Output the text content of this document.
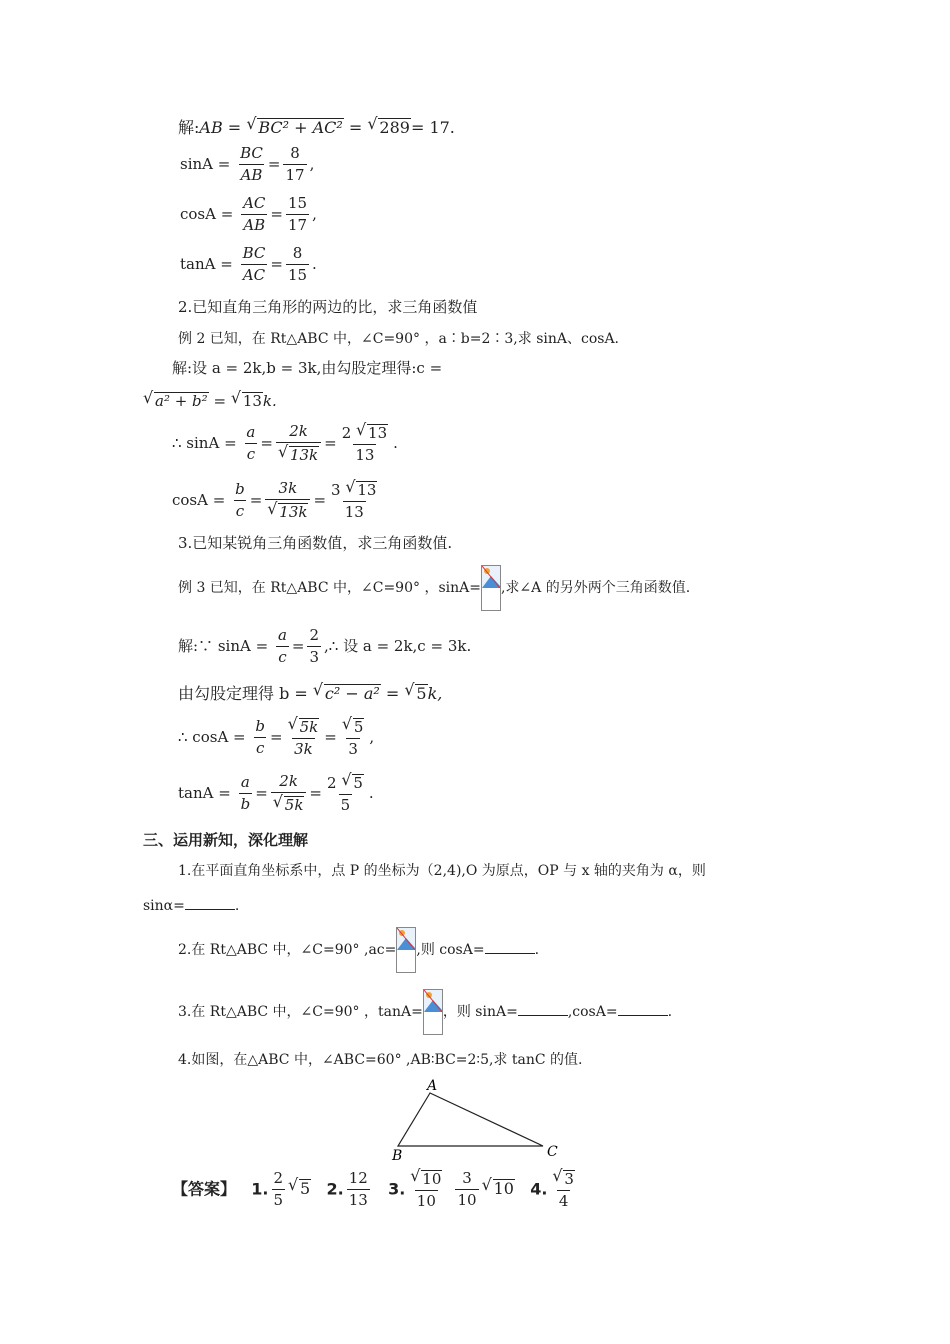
解:AB = √ BC² + AC² = √ 289= 17.
$\sin A = \frac{BC}{AB} = \frac{8}{17}$ ,
$\cos A = \frac{AC}{AB} = \frac{15}{17}$ ,
$\tan A = \frac{BC}{AC} = \frac{8}{15}$ .
2.已知直角三角形的两边的比，求三角函数值
例 2 已知，在 Rt△ABC 中，∠C=90° ，a∶b=2∶3,求 sinA、cosA.
解:设 a = 2k,b = 3k,由勾股定理得:c =
√ a² + b² = √ 13k.
∴ $\sin A = \frac{a}{c} = 2k$
√ $13k = \frac{2 √ 13}{13}$ .
$\cos A = \frac{b}{c} = 3k$
√ $13k = \frac{3 √ 13}{13}$
3.已知某锐角三角函数值，求三角函数值.
例 3 已知，在 Rt△ABC 中，∠C=90° ，sinA= ,求∠A 的另外两个三角函数值.
解:∵ $\sin A = \frac{a}{c} = \frac{2}{3}$ ,∴ 设 a = 2k,c = 3k.
由勾股定理得 b = √ c² − a² = √ 5k,
∴ $\cos A = \frac{b}{c}$ = √ $\frac{5k}{3k}$ = √ $\frac{5}{3}$ ,
$\tan A = \frac{a}{b} = 2k$
√ $5k = \frac{2 √ 5}{5}$ .
三、运用新知，深化理解
1.在平面直角坐标系中，点 P 的坐标为（2,4),O 为原点，OP 与 x 轴的夹角为 α，则
sinα=	.
2.在 Rt△ABC 中，∠C=90° ,ac= ,则 cosA=	.
3.在 Rt△ABC 中，∠C=90° ，tanA= ，则 sinA=	,cosA=	.
4.如图，在△ABC 中，∠ABC=60° ,AB∶BC=2∶5,求 tanC 的值.
A
B	C
【答案】 1. $\frac{2}{5}$ √ 5 2. $\frac{12}{13} 3$. √ $\frac{10}{10}$
$\frac{3}{10}$ √ 10 4. √ $\frac{3}{4}$
